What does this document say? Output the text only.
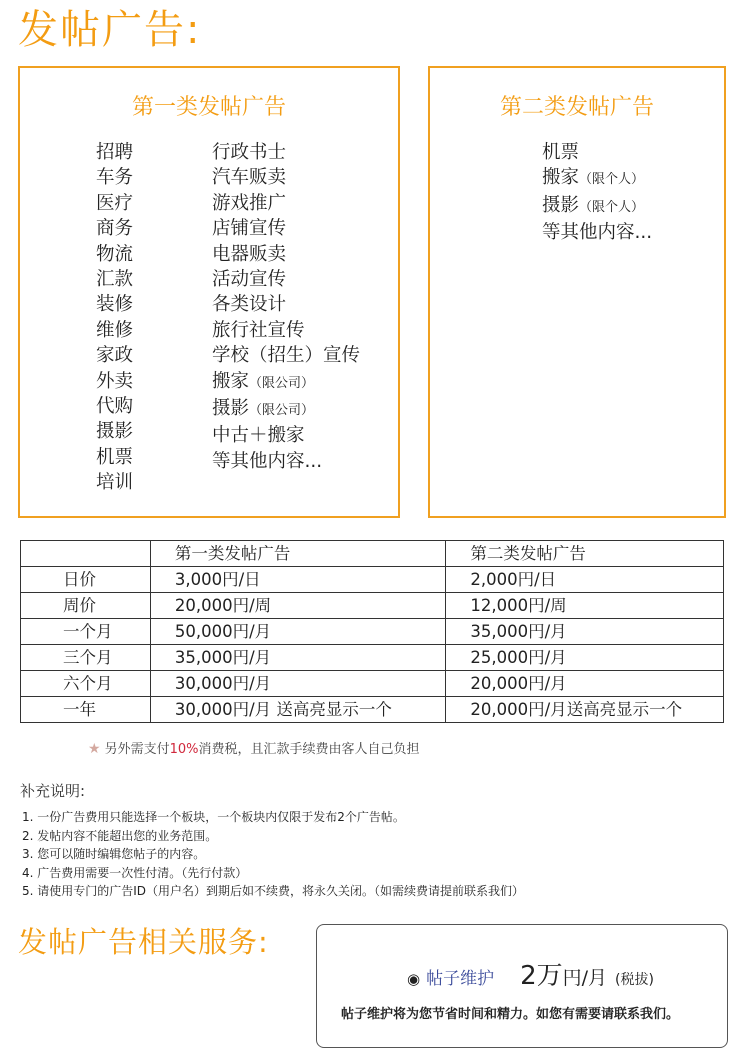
发帖广告:
第一类发帖广告
招聘
车务
医疗
商务
物流
汇款
装修
维修
家政
外卖
代购
摄影
机票
培训
行政书士
汽车贩卖
游戏推广
店铺宣传
电器贩卖
活动宣传
各类设计
旅行社宣传
学校（招生）宣传
搬家（限公司）
摄影（限公司）
中古＋搬家
等其他内容...
第二类发帖广告
机票
搬家（限个人）
摄影（限个人）
等其他内容...
	第一类发帖广告	第二类发帖广告
日价	3,000円/日	2,000円/日
周价	20,000円/周	12,000円/周
一个月	50,000円/月	35,000円/月
三个月	35,000円/月	25,000円/月
六个月	30,000円/月	20,000円/月
一年	30,000円/月 送高亮显示一个	20,000円/月送高亮显示一个
★ 另外需支付10%消费税，且汇款手续费由客人自己负担
补充说明:
1. 一份广告费用只能选择一个板块，一个板块内仅限于发布2个广告帖。
2. 发帖内容不能超出您的业务范围。
3. 您可以随时编辑您帖子的内容。
4. 广告费用需要一次性付清。（先行付款）
5. 请使用专门的广告ID（用户名）到期后如不续费，将永久关闭。（如需续费请提前联系我们）
发帖广告相关服务:
◉ 帖子维护 2万円/月 (税拔)
帖子维护将为您节省时间和精力。如您有需要请联系我们。
